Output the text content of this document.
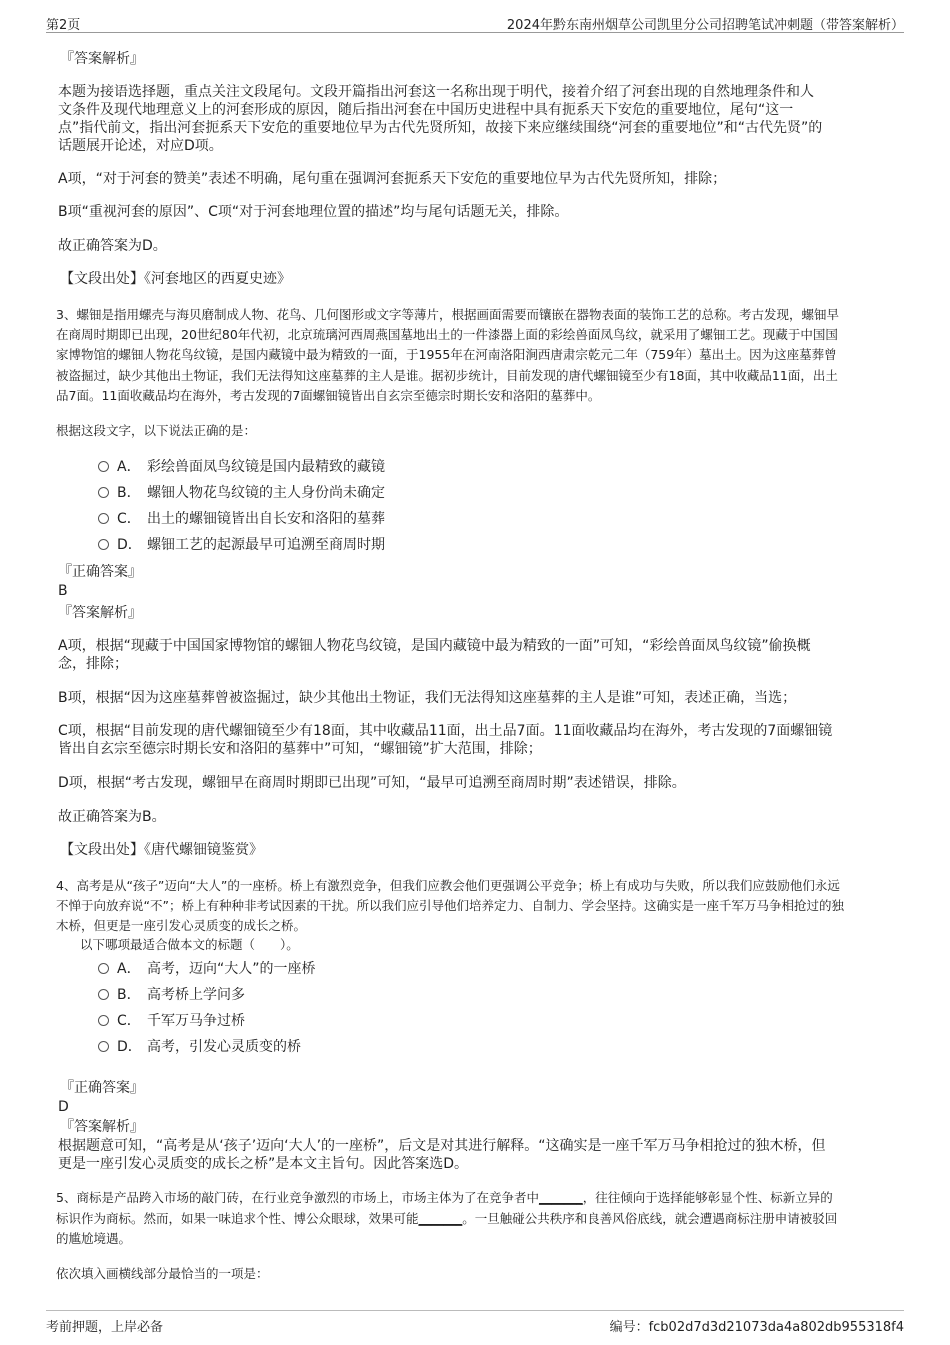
第2页	2024年黔东南州烟草公司凯里分公司招聘笔试冲刺题（带答案解析）
『答案解析』
本题为接语选择题，重点关注文段尾句。文段开篇指出河套这一名称出现于明代，接着介绍了河套出现的自然地理条件和人
文条件及现代地理意义上的河套形成的原因，随后指出河套在中国历史进程中具有扼系天下安危的重要地位，尾句“这一
点”指代前文，指出河套扼系天下安危的重要地位早为古代先贤所知，故接下来应继续围绕“河套的重要地位”和“古代先贤”的
话题展开论述，对应D项。
A项，“对于河套的赞美”表述不明确，尾句重在强调河套扼系天下安危的重要地位早为古代先贤所知，排除；
B项“重视河套的原因”、C项“对于河套地理位置的描述”均与尾句话题无关，排除。
故正确答案为D。
【文段出处】《河套地区的西夏史迹》
3、螺钿是指用螺壳与海贝磨制成人物、花鸟、几何图形或文字等薄片，根据画面需要而镶嵌在器物表面的装饰工艺的总称。考古发现，螺钿早
在商周时期即已出现，20世纪80年代初，北京琉璃河西周燕国墓地出土的一件漆器上面的彩绘兽面凤鸟纹，就采用了螺钿工艺。现藏于中国国
家博物馆的螺钿人物花鸟纹镜，是国内藏镜中最为精致的一面，于1955年在河南洛阳涧西唐肃宗乾元二年（759年）墓出土。因为这座墓葬曾
被盗掘过，缺少其他出土物证，我们无法得知这座墓葬的主人是谁。据初步统计，目前发现的唐代螺钿镜至少有18面，其中收藏品11面，出土
品7面。11面收藏品均在海外，考古发现的7面螺钿镜皆出自玄宗至德宗时期长安和洛阳的墓葬中。
根据这段文字，以下说法正确的是：
A． 彩绘兽面凤鸟纹镜是国内最精致的藏镜
B． 螺钿人物花鸟纹镜的主人身份尚未确定
C． 出土的螺钿镜皆出自长安和洛阳的墓葬
D． 螺钿工艺的起源最早可追溯至商周时期
『正确答案』
B
『答案解析』
A项，根据“现藏于中国国家博物馆的螺钿人物花鸟纹镜，是国内藏镜中最为精致的一面”可知，“彩绘兽面凤鸟纹镜”偷换概
念，排除；
B项，根据“因为这座墓葬曾被盗掘过，缺少其他出土物证，我们无法得知这座墓葬的主人是谁”可知，表述正确，当选；
C项，根据“目前发现的唐代螺钿镜至少有18面，其中收藏品11面，出土品7面。11面收藏品均在海外，考古发现的7面螺钿镜
皆出自玄宗至德宗时期长安和洛阳的墓葬中”可知，“螺钿镜”扩大范围，排除；
D项，根据“考古发现，螺钿早在商周时期即已出现”可知，“最早可追溯至商周时期”表述错误，排除。
故正确答案为B。
【文段出处】《唐代螺钿镜鉴赏》
4、高考是从“孩子”迈向“大人”的一座桥。桥上有激烈竞争，但我们应教会他们更强调公平竞争；桥上有成功与失败，所以我们应鼓励他们永远
不惮于向放弃说“不”；桥上有种种非考试因素的干扰。所以我们应引导他们培养定力、自制力、学会坚持。这确实是一座千军万马争相抢过的独
木桥，但更是一座引发心灵质变的成长之桥。
以下哪项最适合做本文的标题（　　）。
A． 高考，迈向“大人”的一座桥
B． 高考桥上学问多
C． 千军万马争过桥
D． 高考，引发心灵质变的桥
『正确答案』
D
『答案解析』
根据题意可知，“高考是从‘孩子’迈向‘大人’的一座桥”，后文是对其进行解释。“这确实是一座千军万马争相抢过的独木桥，但
更是一座引发心灵质变的成长之桥”是本文主旨句。因此答案选D。
5、商标是产品跨入市场的敲门砖，在行业竞争激烈的市场上，市场主体为了在竞争者中_______，往往倾向于选择能够彰显个性、标新立异的
标识作为商标。然而，如果一味追求个性、博公众眼球，效果可能_______。一旦触碰公共秩序和良善风俗底线，就会遭遇商标注册申请被驳回
的尴尬境遇。
依次填入画横线部分最恰当的一项是：
考前押题，上岸必备	编号：fcb02d7d3d21073da4a802db955318f4
